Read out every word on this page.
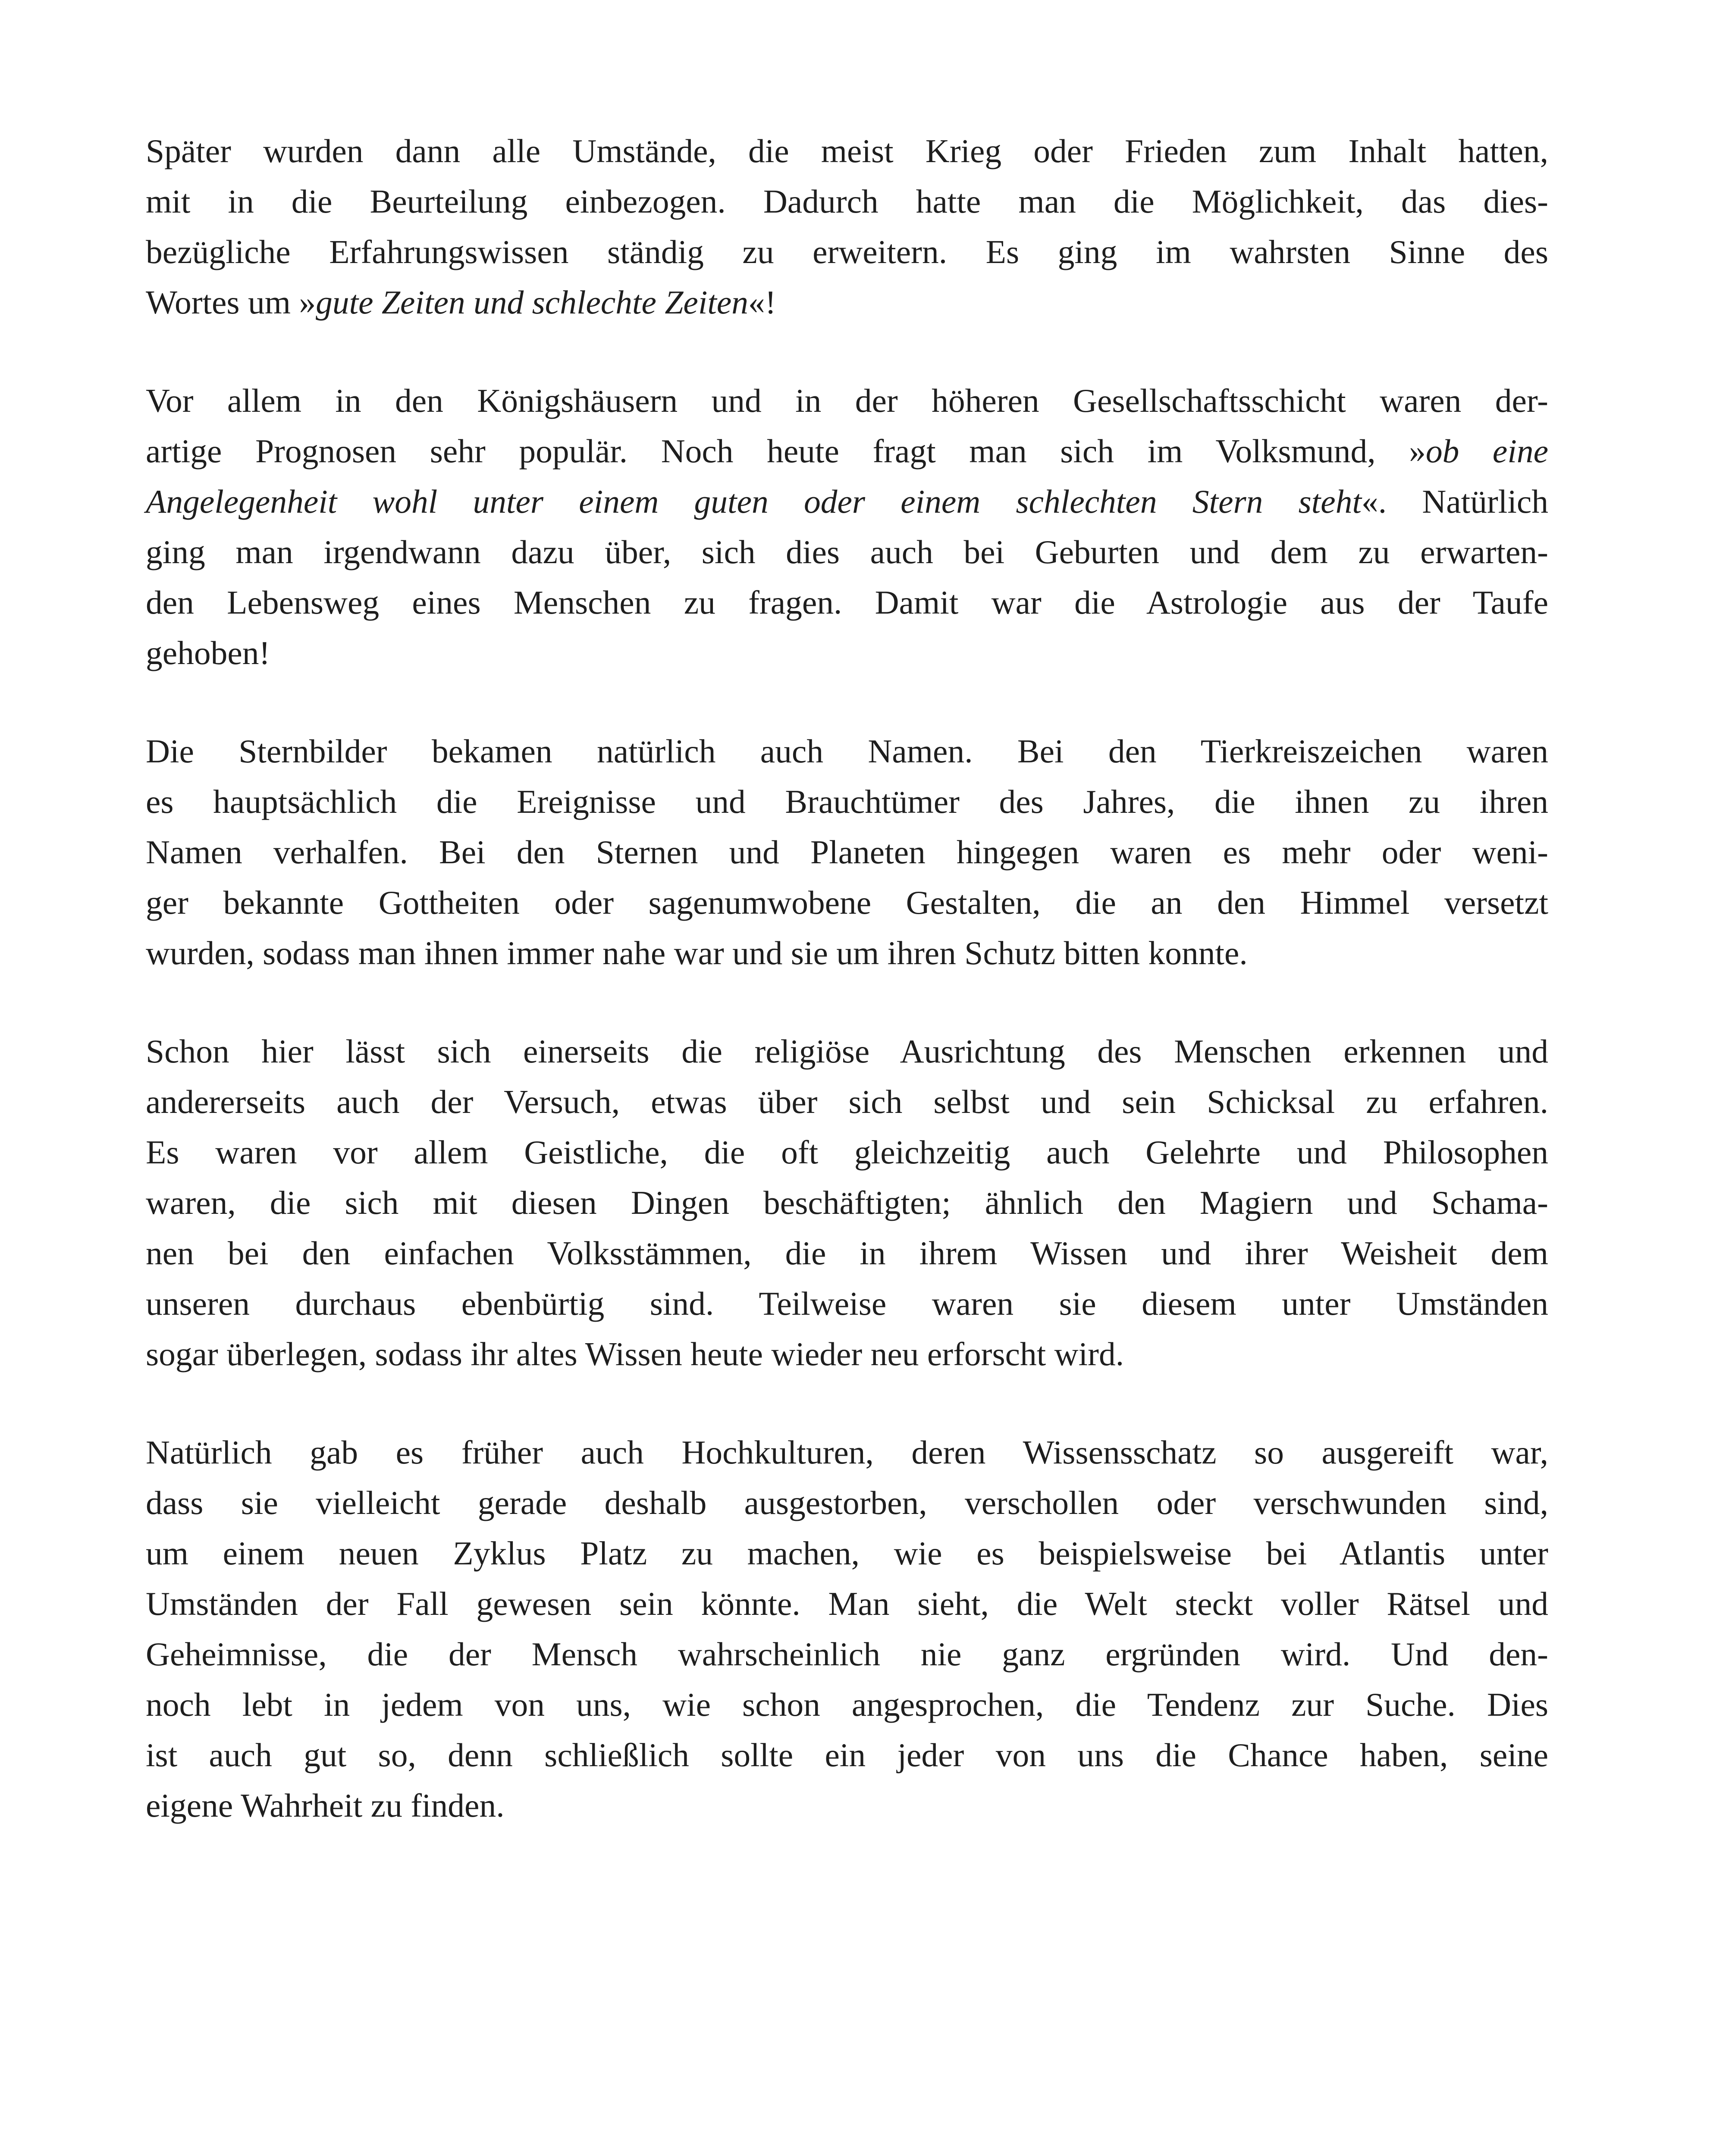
Später wurden dann alle Umstände, die meist Krieg oder Frieden zum Inhalt hatten,
mit in die Beurteilung einbezogen. Dadurch hatte man die Möglichkeit, das dies-
bezügliche Erfahrungswissen ständig zu erweitern. Es ging im wahrsten Sinne des
Wortes um »gute Zeiten und schlechte Zeiten«!
Vor allem in den Königshäusern und in der höheren Gesellschaftsschicht waren der-
artige Prognosen sehr populär. Noch heute fragt man sich im Volksmund, »ob eine
Angelegenheit wohl unter einem guten oder einem schlechten Stern steht«. Natürlich
ging man irgendwann dazu über, sich dies auch bei Geburten und dem zu erwarten-
den Lebensweg eines Menschen zu fragen. Damit war die Astrologie aus der Taufe
gehoben!
Die Sternbilder bekamen natürlich auch Namen. Bei den Tierkreiszeichen waren
es hauptsächlich die Ereignisse und Brauchtümer des Jahres, die ihnen zu ihren
Namen verhalfen. Bei den Sternen und Planeten hingegen waren es mehr oder weni-
ger bekannte Gottheiten oder sagenumwobene Gestalten, die an den Himmel versetzt
wurden, sodass man ihnen immer nahe war und sie um ihren Schutz bitten konnte.
Schon hier lässt sich einerseits die religiöse Ausrichtung des Menschen erkennen und
andererseits auch der Versuch, etwas über sich selbst und sein Schicksal zu erfahren.
Es waren vor allem Geistliche, die oft gleichzeitig auch Gelehrte und Philosophen
waren, die sich mit diesen Dingen beschäftigten; ähnlich den Magiern und Schama-
nen bei den einfachen Volksstämmen, die in ihrem Wissen und ihrer Weisheit dem
unseren durchaus ebenbürtig sind. Teilweise waren sie diesem unter Umständen
sogar überlegen, sodass ihr altes Wissen heute wieder neu erforscht wird.
Natürlich gab es früher auch Hochkulturen, deren Wissensschatz so ausgereift war,
dass sie vielleicht gerade deshalb ausgestorben, verschollen oder verschwunden sind,
um einem neuen Zyklus Platz zu machen, wie es beispielsweise bei Atlantis unter
Umständen der Fall gewesen sein könnte. Man sieht, die Welt steckt voller Rätsel und
Geheimnisse, die der Mensch wahrscheinlich nie ganz ergründen wird. Und den-
noch lebt in jedem von uns, wie schon angesprochen, die Tendenz zur Suche. Dies
ist auch gut so, denn schließlich sollte ein jeder von uns die Chance haben, seine
eigene Wahrheit zu finden.
